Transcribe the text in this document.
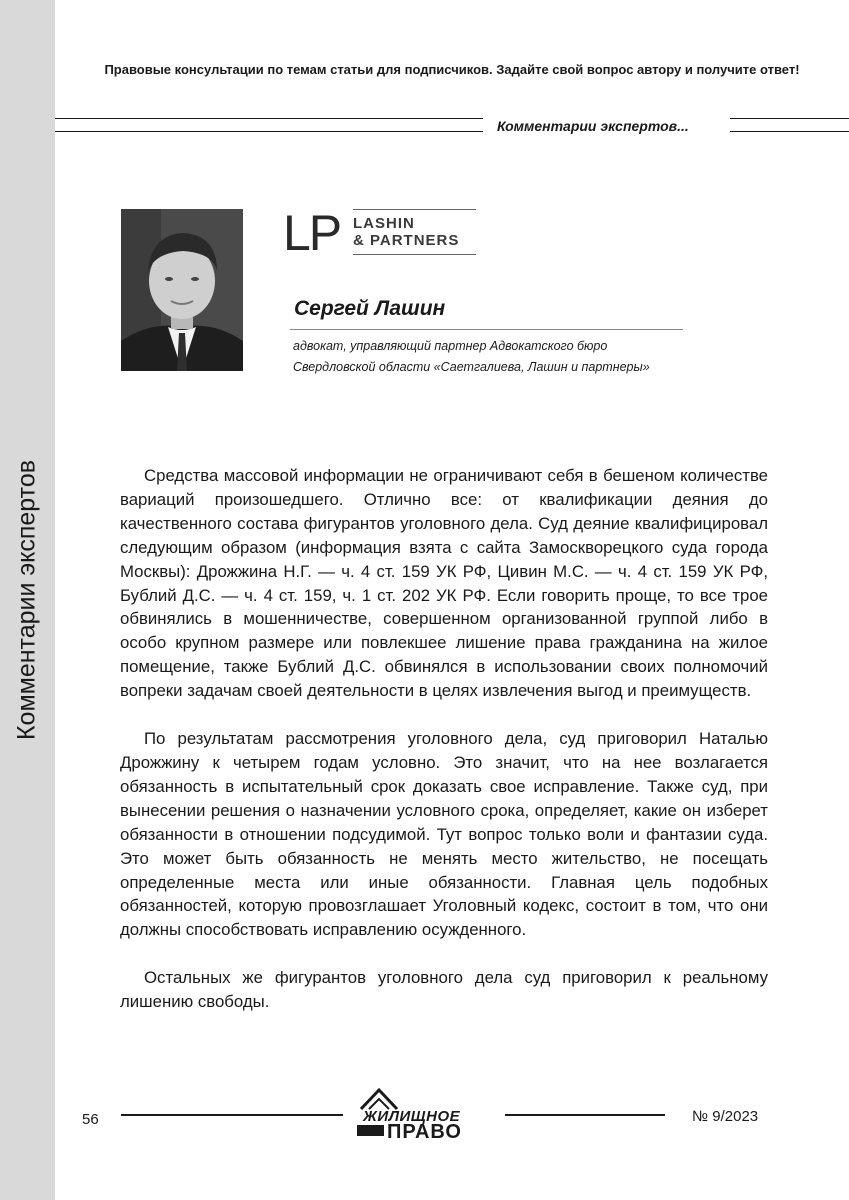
Комментарии экспертов
Правовые консультации по темам статьи для подписчиков. Задайте свой вопрос автору и получите ответ!
Комментарии экспертов...
LP LASHIN
& PARTNERS
Сергей Лашин
адвокат, управляющий партнер Адвокатского бюро
Свердловской области «Саетгалиева, Лашин и партнеры»

Средства массовой информации не ограничивают себя в бешеном количестве вариаций произошедшего. Отлично все: от квалификации деяния до качественного состава фигурантов уголовного дела. Суд деяние квалифицировал следующим образом (информация взята с сайта Замоскворецкого суда города Москвы): Дрожжина Н.Г. — ч. 4 ст. 159 УК РФ, Цивин М.С. — ч. 4 ст. 159 УК РФ, Бублий Д.С. — ч. 4 ст. 159, ч. 1 ст. 202 УК РФ. Если говорить проще, то все трое обвинялись в мошенничестве, совершенном организованной группой либо в особо крупном размере или повлекшее лишение права гражданина на жилое помещение, также Бублий Д.С. обвинялся в использовании своих полномочий вопреки задачам своей деятельности в целях извлечения выгод и преимуществ.

По результатам рассмотрения уголовного дела, суд приговорил Наталью Дрожжину к четырем годам условно. Это значит, что на нее возлагается обязанность в испытательный срок доказать свое исправление. Также суд, при вынесении решения о назначении условного срока, определяет, какие он изберет обязанности в отношении подсудимой. Тут вопрос только воли и фантазии суда. Это может быть обязанность не менять место жительство, не посещать определенные места или иные обязанности. Главная цель подобных обязанностей, которую провозглашает Уголовный кодекс, состоит в том, что они должны способствовать исправлению осужденного.

Остальных же фигурантов уголовного дела суд приговорил к реальному лишению свободы.

56	ЖИЛИЩНОЕ
ПРАВО
№ 9/2023
